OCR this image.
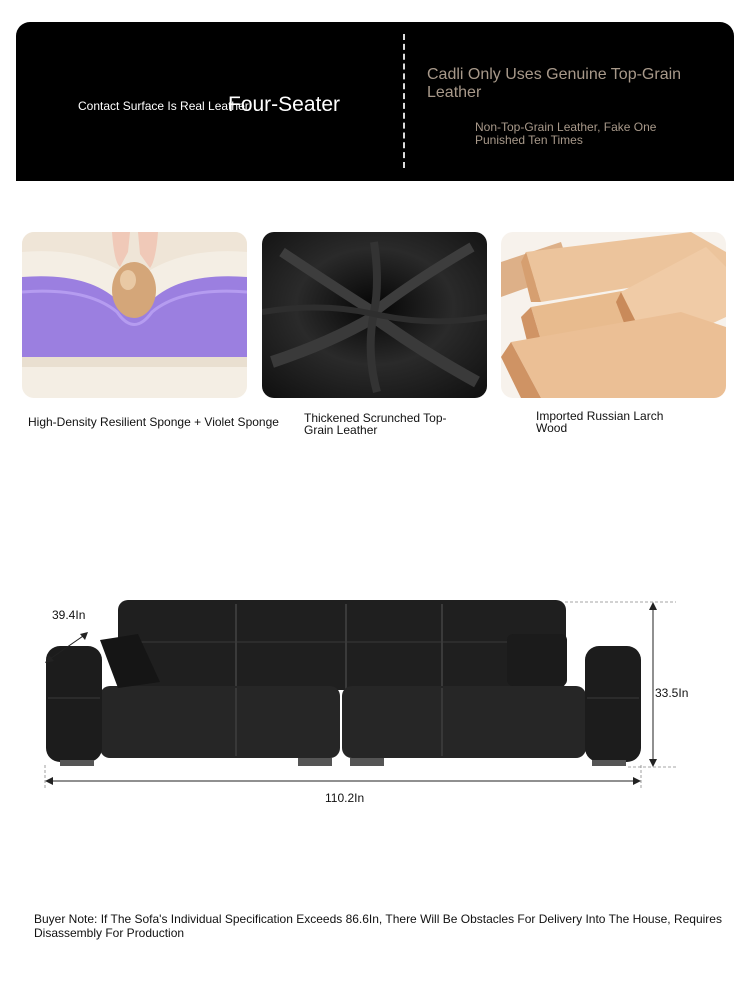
Contact Surface Is Real Leather
Four-Seater
Cadli Only Uses Genuine Top-Grain Leather
Non-Top-Grain Leather, Fake One Punished Ten Times
High-Density Resilient Sponge + Violet Sponge	Thickened Scrunched Top-Grain Leather
Imported Russian Larch Wood
39.4In
33.5In
110.2In
Buyer Note: If The Sofa's Individual Specification Exceeds 86.6In, There Will Be Obstacles For Delivery Into The House, Requires Disassembly For Production
